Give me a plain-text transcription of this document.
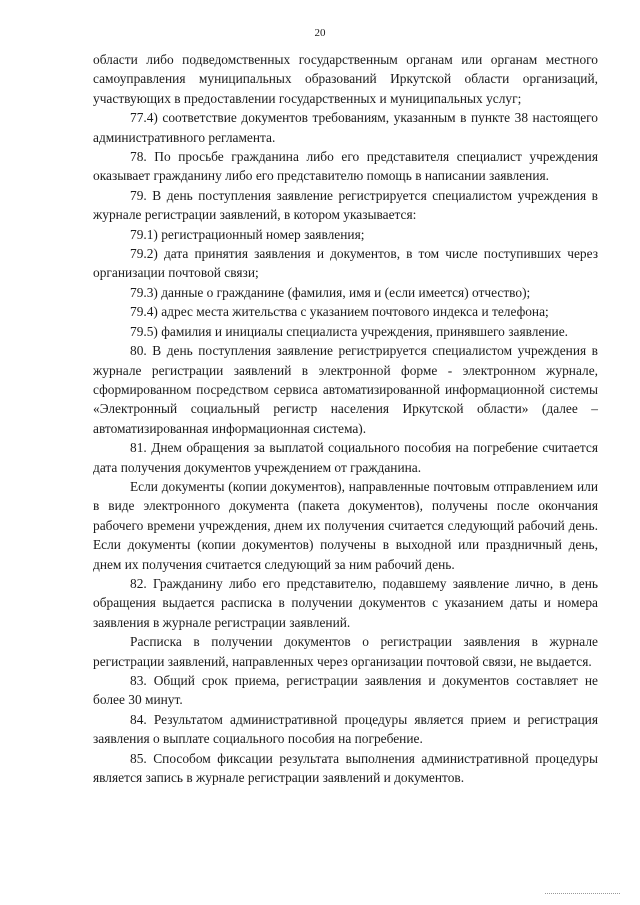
20

области либо подведомственных государственным органам или органам местного самоуправления муниципальных образований Иркутской области организаций, участвующих в предоставлении государственных и муниципальных услуг;

77.4) соответствие документов требованиям, указанным в пункте 38 настоящего административного регламента.

78. По просьбе гражданина либо его представителя специалист учреждения оказывает гражданину либо его представителю помощь в написании заявления.

79. В день поступления заявление регистрируется специалистом учреждения в журнале регистрации заявлений, в котором указывается:

79.1) регистрационный номер заявления;

79.2) дата принятия заявления и документов, в том числе поступивших через организации почтовой связи;

79.3) данные о гражданине (фамилия, имя и (если имеется) отчество);

79.4) адрес места жительства с указанием почтового индекса и телефона;

79.5) фамилия и инициалы специалиста учреждения, принявшего заявление.

80. В день поступления заявление регистрируется специалистом учреждения в журнале регистрации заявлений в электронной форме - электронном журнале, сформированном посредством сервиса автоматизированной информационной системы «Электронный социальный регистр населения Иркутской области» (далее – автоматизированная информационная система).

81. Днем обращения за выплатой социального пособия на погребение считается дата получения документов учреждением от гражданина.

Если документы (копии документов), направленные почтовым отправлением или в виде электронного документа (пакета документов), получены после окончания рабочего времени учреждения, днем их получения считается следующий рабочий день. Если документы (копии документов) получены в выходной или праздничный день, днем их получения считается следующий за ним рабочий день.

82. Гражданину либо его представителю, подавшему заявление лично, в день обращения выдается расписка в получении документов с указанием даты и номера заявления в журнале регистрации заявлений.

Расписка в получении документов о регистрации заявления в журнале регистрации заявлений, направленных через организации почтовой связи, не выдается.

83. Общий срок приема, регистрации заявления и документов составляет не более 30 минут.

84. Результатом административной процедуры является прием и регистрация заявления о выплате социального пособия на погребение.

85. Способом фиксации результата выполнения административной процедуры является запись в журнале регистрации заявлений и документов.
